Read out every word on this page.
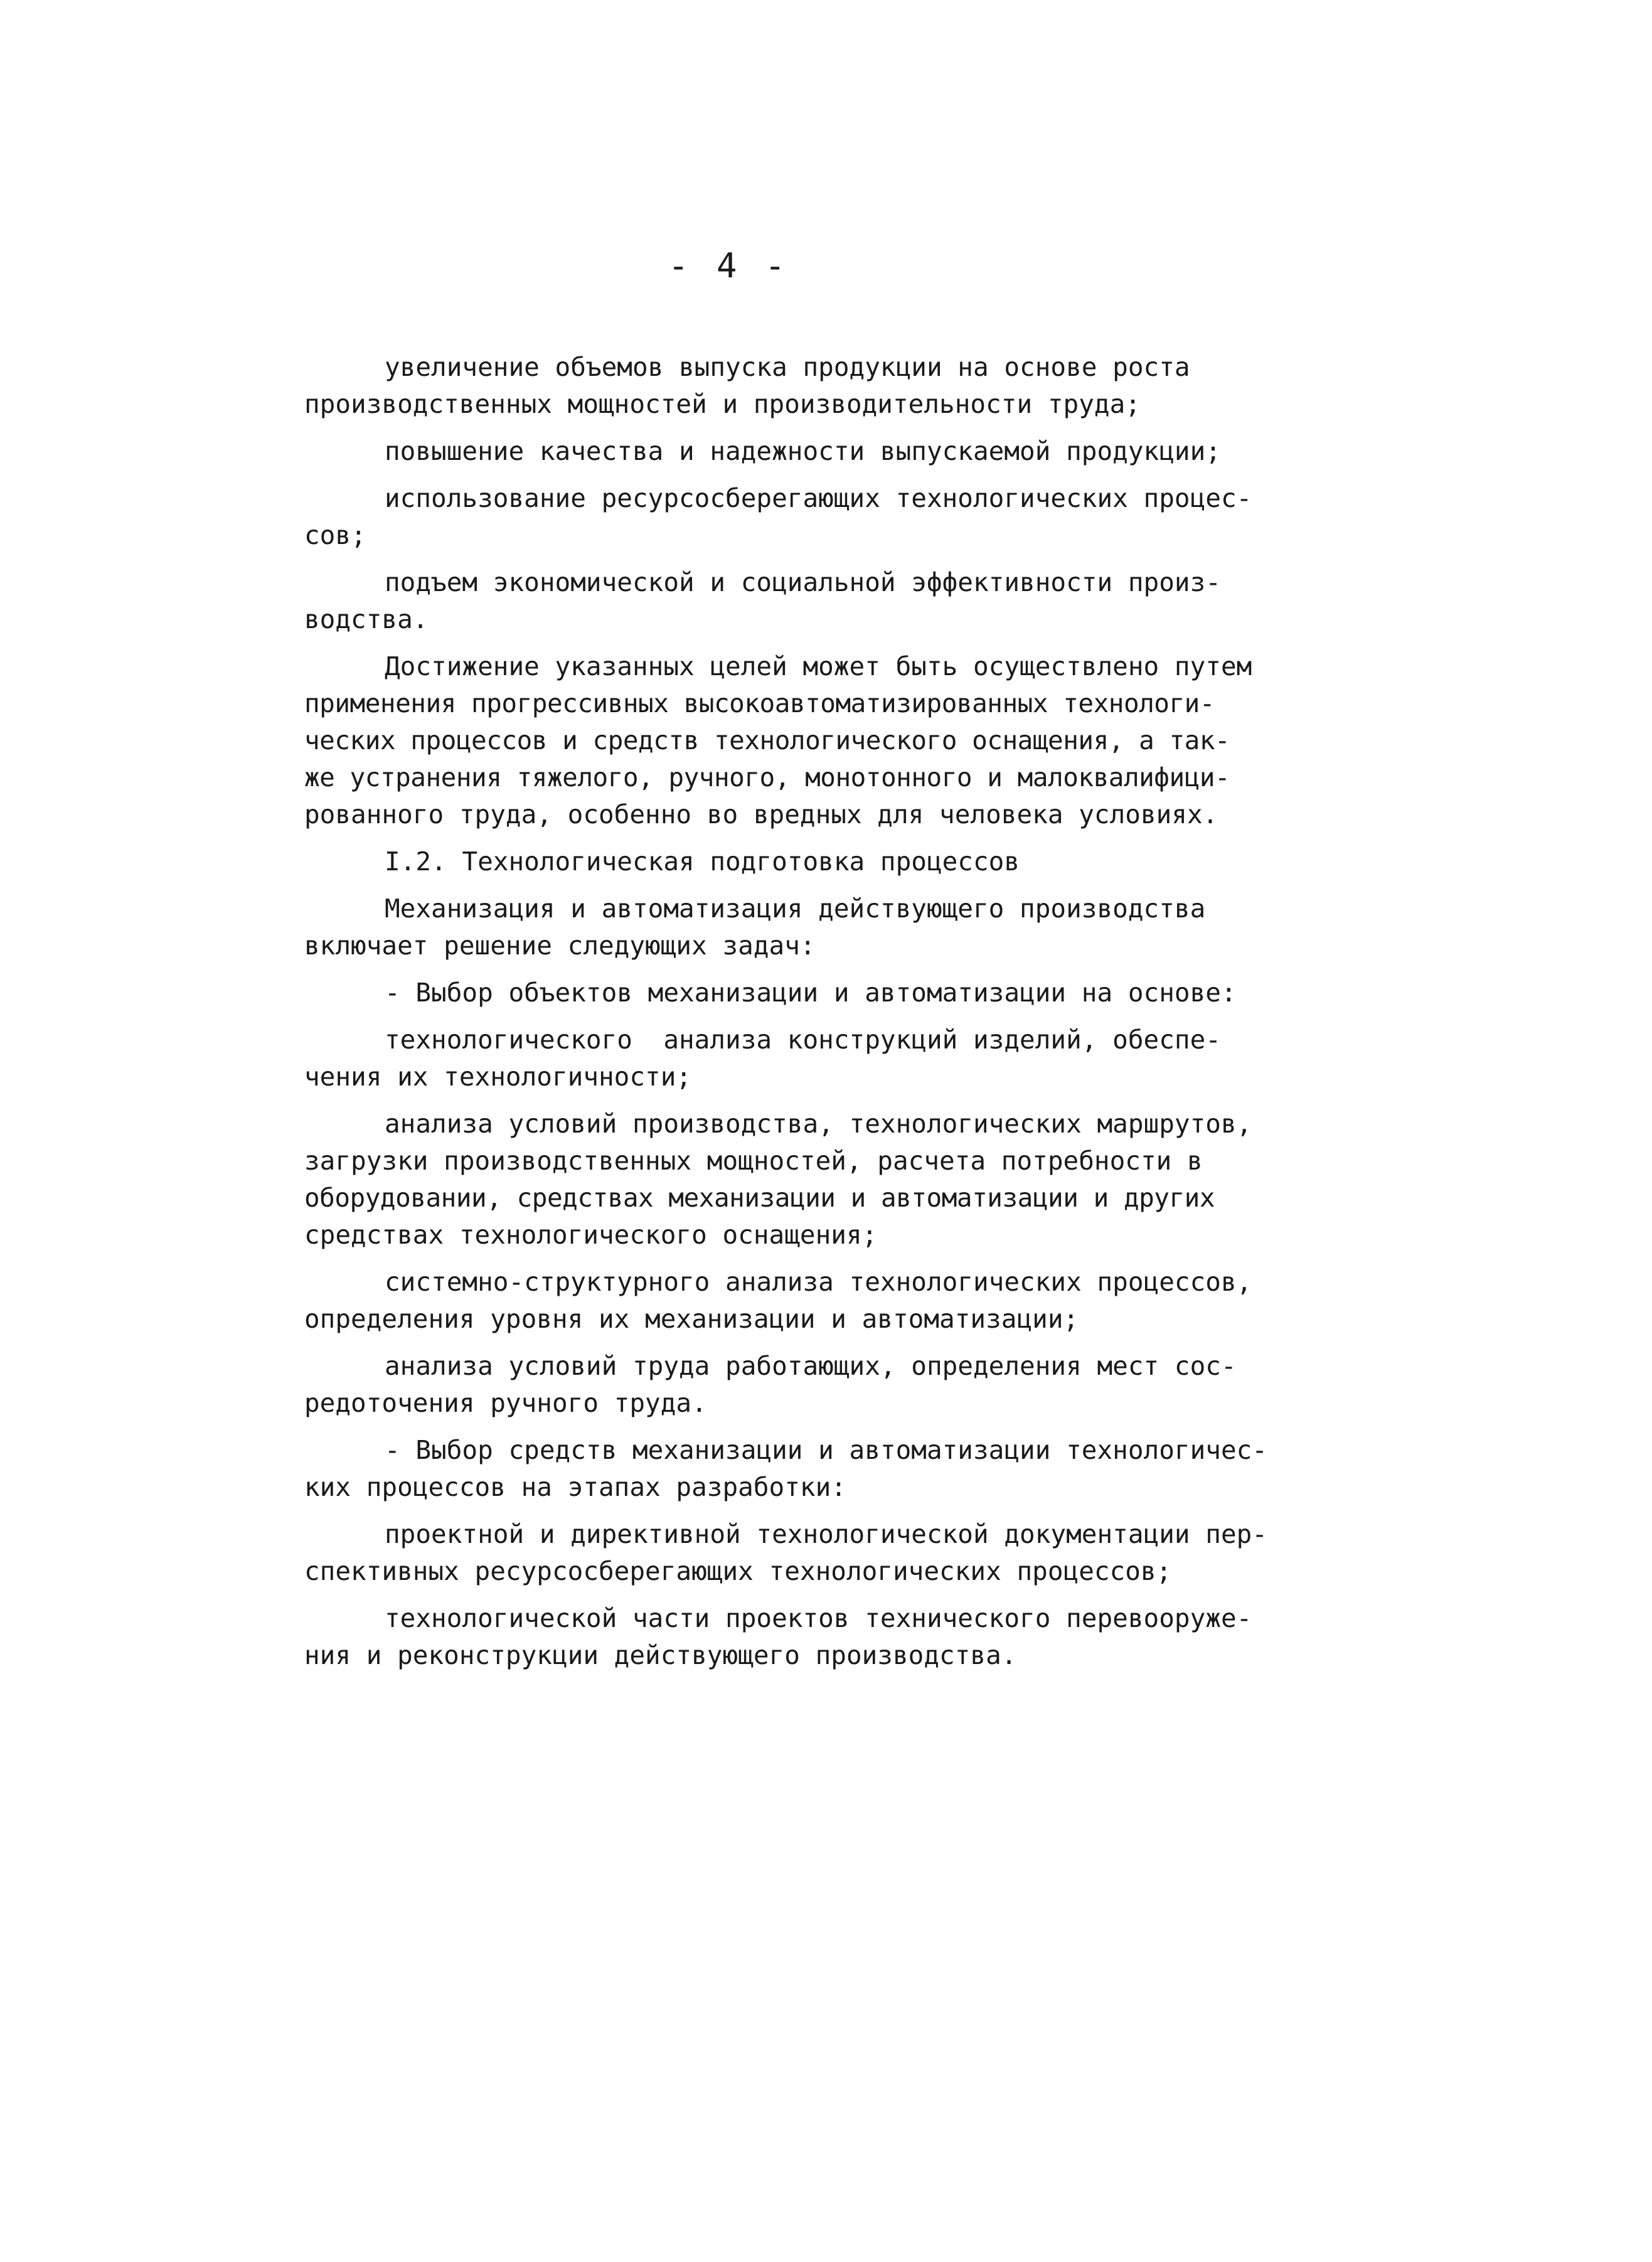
- 4 -
увеличение объемов выпуска продукции на основе роста
производственных мощностей и производительности труда;
повышение качества и надежности выпускаемой продукции;
использование ресурсосберегающих технологических процес-
сов;
подъем экономической и социальной эффективности произ-
водства.
Достижение указанных целей может быть осуществлено путем
применения прогрессивных высокоавтоматизированных технологи-
ческих процессов и средств технологического оснащения, а так-
же устранения тяжелого, ручного, монотонного и малоквалифици-
рованного труда, особенно во вредных для человека условиях.
I.2. Технологическая подготовка процессов
Механизация и автоматизация действующего производства
включает решение следующих задач:
- Выбор объектов механизации и автоматизации на основе:
технологического  анализа конструкций изделий, обеспе-
чения их технологичности;
анализа условий производства, технологических маршрутов,
загрузки производственных мощностей, расчета потребности в
оборудовании, средствах механизации и автоматизации и других
средствах технологического оснащения;
системно-структурного анализа технологических процессов,
определения уровня их механизации и автоматизации;
анализа условий труда работающих, определения мест сос-
редоточения ручного труда.
- Выбор средств механизации и автоматизации технологичес-
ких процессов на этапах разработки:
проектной и директивной технологической документации пер-
спективных ресурсосберегающих технологических процессов;
технологической части проектов технического перевооруже-
ния и реконструкции действующего производства.
